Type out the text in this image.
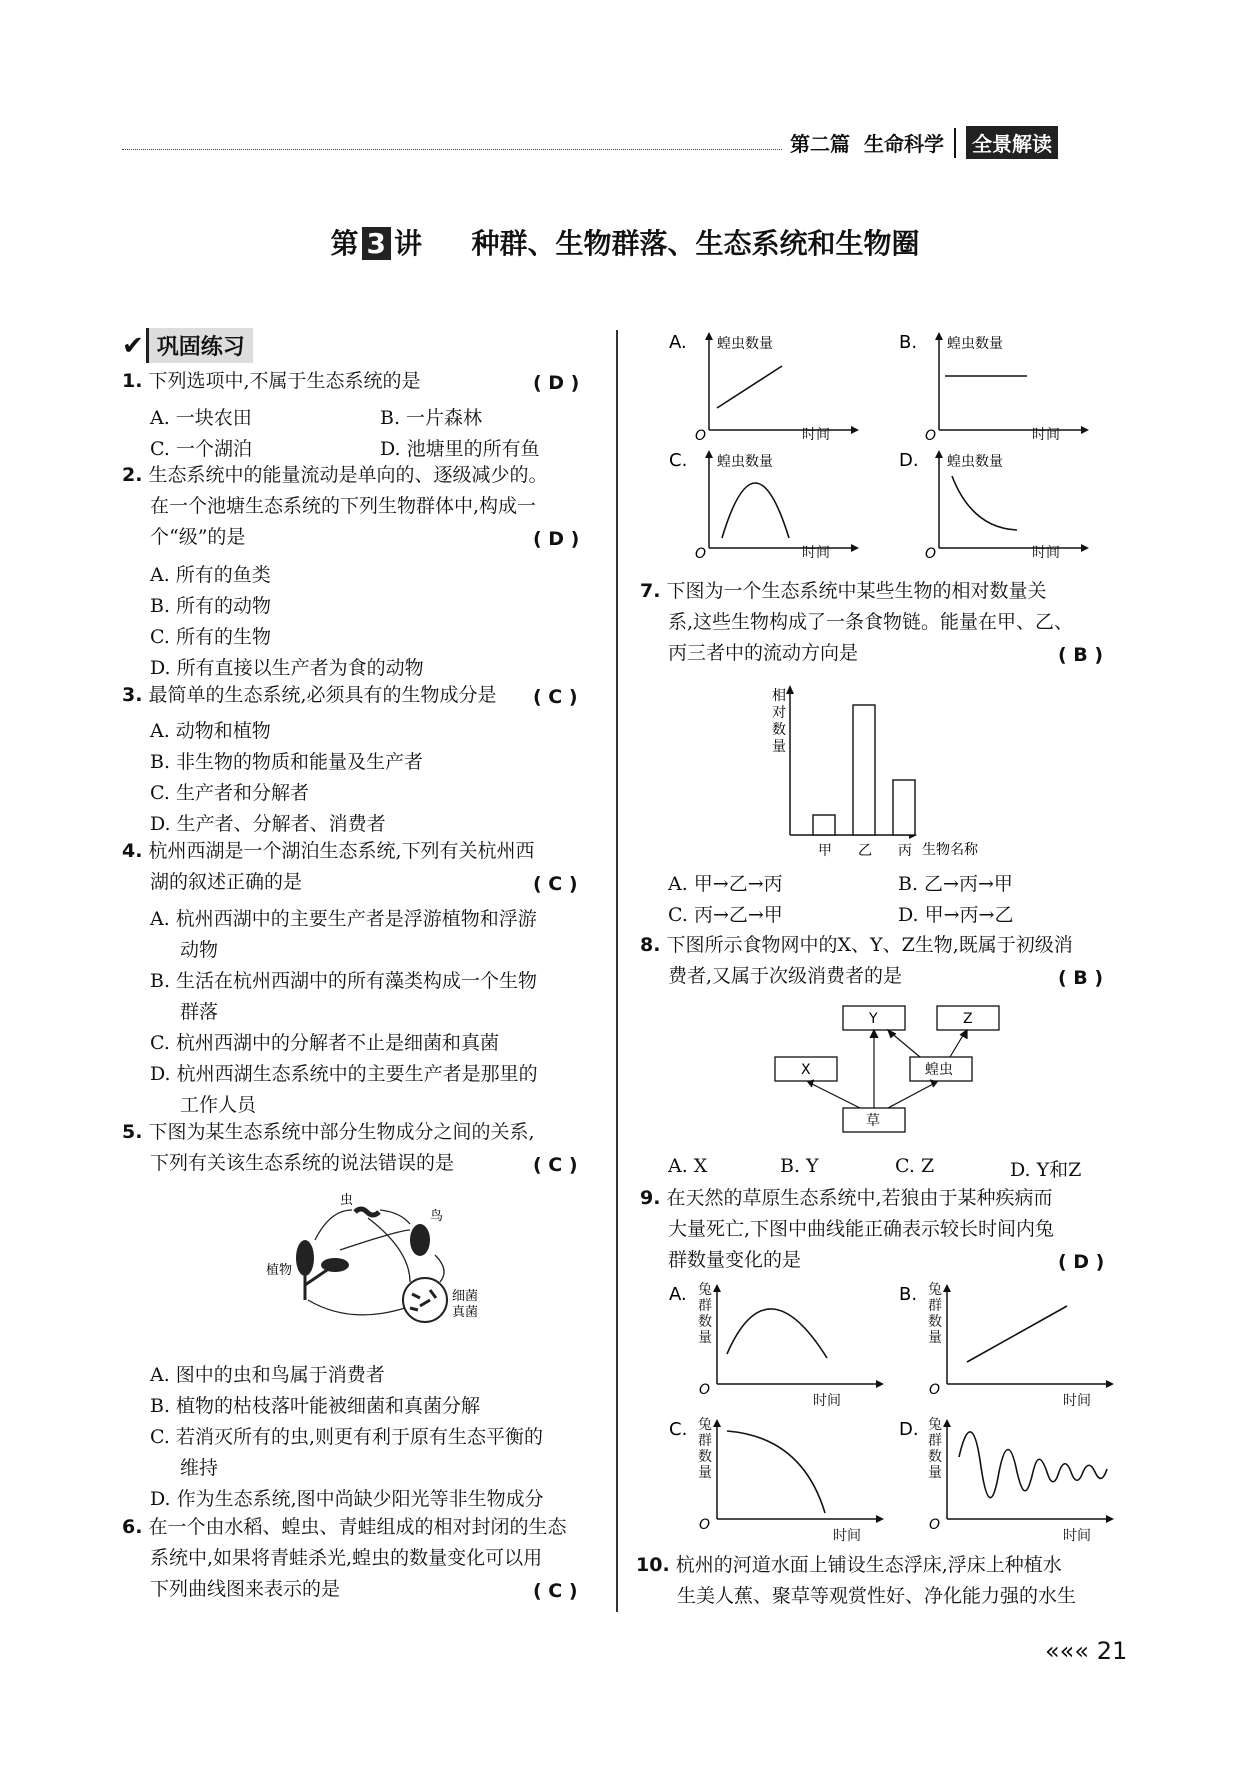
第二篇 生命科学	全景解读
第 3 讲 种群、生物群落、生态系统和生物圈
✔ 巩固练习
1. 下列选项中,不属于生态系统的是	( D )
A. 一块农田	B. 一片森林
C. 一个湖泊	D. 池塘里的所有鱼
2. 生态系统中的能量流动是单向的、逐级减少的。
在一个池塘生态系统的下列生物群体中,构成一
个“级”的是	( D )
A. 所有的鱼类
B. 所有的动物
C. 所有的生物
D. 所有直接以生产者为食的动物
3. 最简单的生态系统,必须具有的生物成分是 ( C )
A. 动物和植物
B. 非生物的物质和能量及生产者
C. 生产者和分解者
D. 生产者、分解者、消费者
4. 杭州西湖是一个湖泊生态系统,下列有关杭州西
湖的叙述正确的是	( C )
A. 杭州西湖中的主要生产者是浮游植物和浮游
动物
B. 生活在杭州西湖中的所有藻类构成一个生物
群落
C. 杭州西湖中的分解者不止是细菌和真菌
D. 杭州西湖生态系统中的主要生产者是那里的
工作人员
5. 下图为某生态系统中部分生物成分之间的关系,
下列有关该生态系统的说法错误的是	( C )
虫
鸟
植物
细菌
真菌
A. 图中的虫和鸟属于消费者
B. 植物的枯枝落叶能被细菌和真菌分解
C. 若消灭所有的虫,则更有利于原有生态平衡的
维持
D. 作为生态系统,图中尚缺少阳光等非生物成分
6. 在一个由水稻、蝗虫、青蛙组成的相对封闭的生态
系统中,如果将青蛙杀光,蝗虫的数量变化可以用
下列曲线图来表示的是	( C )
A. 蝗虫数量
O	时间
B. 蝗虫数量
O	时间
C. 蝗虫数量
O	时间
D. 蝗虫数量
O	时间
7. 下图为一个生态系统中某些生物的相对数量关
系,这些生物构成了一条食物链。能量在甲、乙、
丙三者中的流动方向是	( B )
相
对
数
量
生物名称
甲 乙 丙
A. 甲→乙→丙	B. 乙→丙→甲
C. 丙→乙→甲	D. 甲→丙→乙
8. 下图所示食物网中的X、Y、Z生物,既属于初级消
费者,又属于次级消费者的是	( B )
Y	Z
X	蝗虫
草
A. X	B. Y	C. Z	D. Y和Z
9. 在天然的草原生态系统中,若狼由于某种疾病而
大量死亡,下图中曲线能正确表示较长时间内兔
群数量变化的是	( D )
A.
O
兔群数量
时间
B.
O
兔群数量
时间
C.
O
兔群数量
时间
D.
O
兔群数量
时间
10. 杭州的河道水面上铺设生态浮床,浮床上种植水
生美人蕉、聚草等观赏性好、净化能力强的水生
««« 21
